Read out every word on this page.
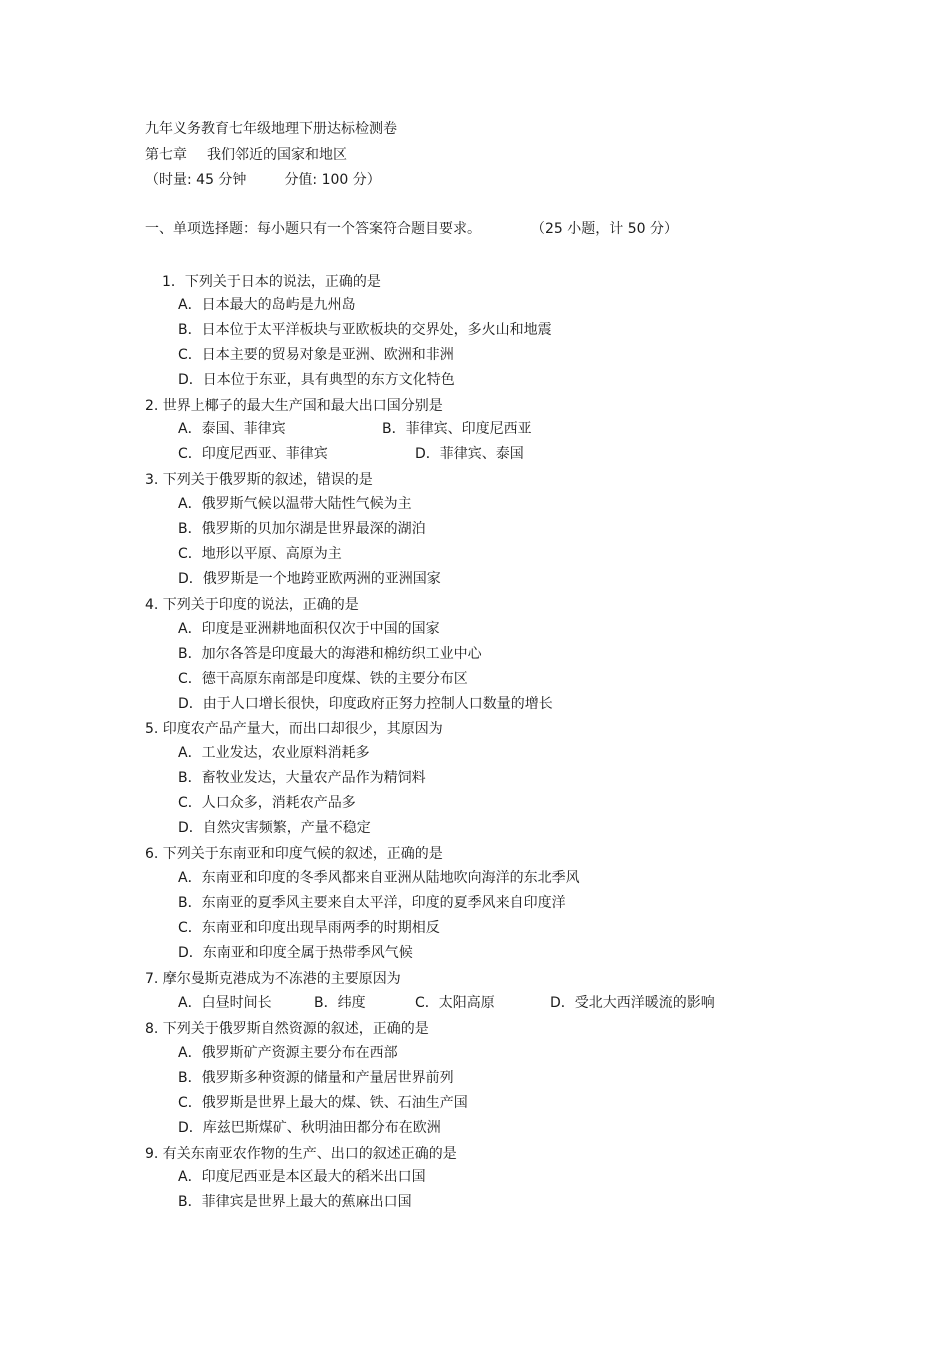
九年义务教育七年级地理下册达标检测卷
第七章 我们邻近的国家和地区
（时量: 45 分钟	分值: 100 分）
一、单项选择题：每小题只有一个答案符合题目要求。	（25 小题，计 50 分）
1．下列关于日本的说法，正确的是
A．日本最大的岛屿是九州岛
B．日本位于太平洋板块与亚欧板块的交界处，多火山和地震
C．日本主要的贸易对象是亚洲、欧洲和非洲
D．日本位于东亚，具有典型的东方文化特色
2. 世界上椰子的最大生产国和最大出口国分别是
A．泰国、菲律宾	B．菲律宾、印度尼西亚
C．印度尼西亚、菲律宾	D．菲律宾、泰国
3. 下列关于俄罗斯的叙述，错误的是
A．俄罗斯气候以温带大陆性气候为主
B．俄罗斯的贝加尔湖是世界最深的湖泊
C．地形以平原、高原为主
D．俄罗斯是一个地跨亚欧两洲的亚洲国家
4. 下列关于印度的说法，正确的是
A．印度是亚洲耕地面积仅次于中国的国家
B．加尔各答是印度最大的海港和棉纺织工业中心
C．德干高原东南部是印度煤、铁的主要分布区
D．由于人口增长很快，印度政府正努力控制人口数量的增长
5. 印度农产品产量大，而出口却很少，其原因为
A．工业发达，农业原料消耗多
B．畜牧业发达，大量农产品作为精饲料
C．人口众多，消耗农产品多
D．自然灾害频繁，产量不稳定
6. 下列关于东南亚和印度气候的叙述，正确的是
A．东南亚和印度的冬季风都来自亚洲从陆地吹向海洋的东北季风
B．东南亚的夏季风主要来自太平洋，印度的夏季风来自印度洋
C．东南亚和印度出现旱雨两季的时期相反
D．东南亚和印度全属于热带季风气候
7. 摩尔曼斯克港成为不冻港的主要原因为
A．白昼时间长	B．纬度	C．太阳高原	D．受北大西洋暖流的影响
8. 下列关于俄罗斯自然资源的叙述，正确的是
A．俄罗斯矿产资源主要分布在西部
B．俄罗斯多种资源的储量和产量居世界前列
C．俄罗斯是世界上最大的煤、铁、石油生产国
D．库兹巴斯煤矿、秋明油田都分布在欧洲
9. 有关东南亚农作物的生产、出口的叙述正确的是
A．印度尼西亚是本区最大的稻米出口国
B．菲律宾是世界上最大的蕉麻出口国
